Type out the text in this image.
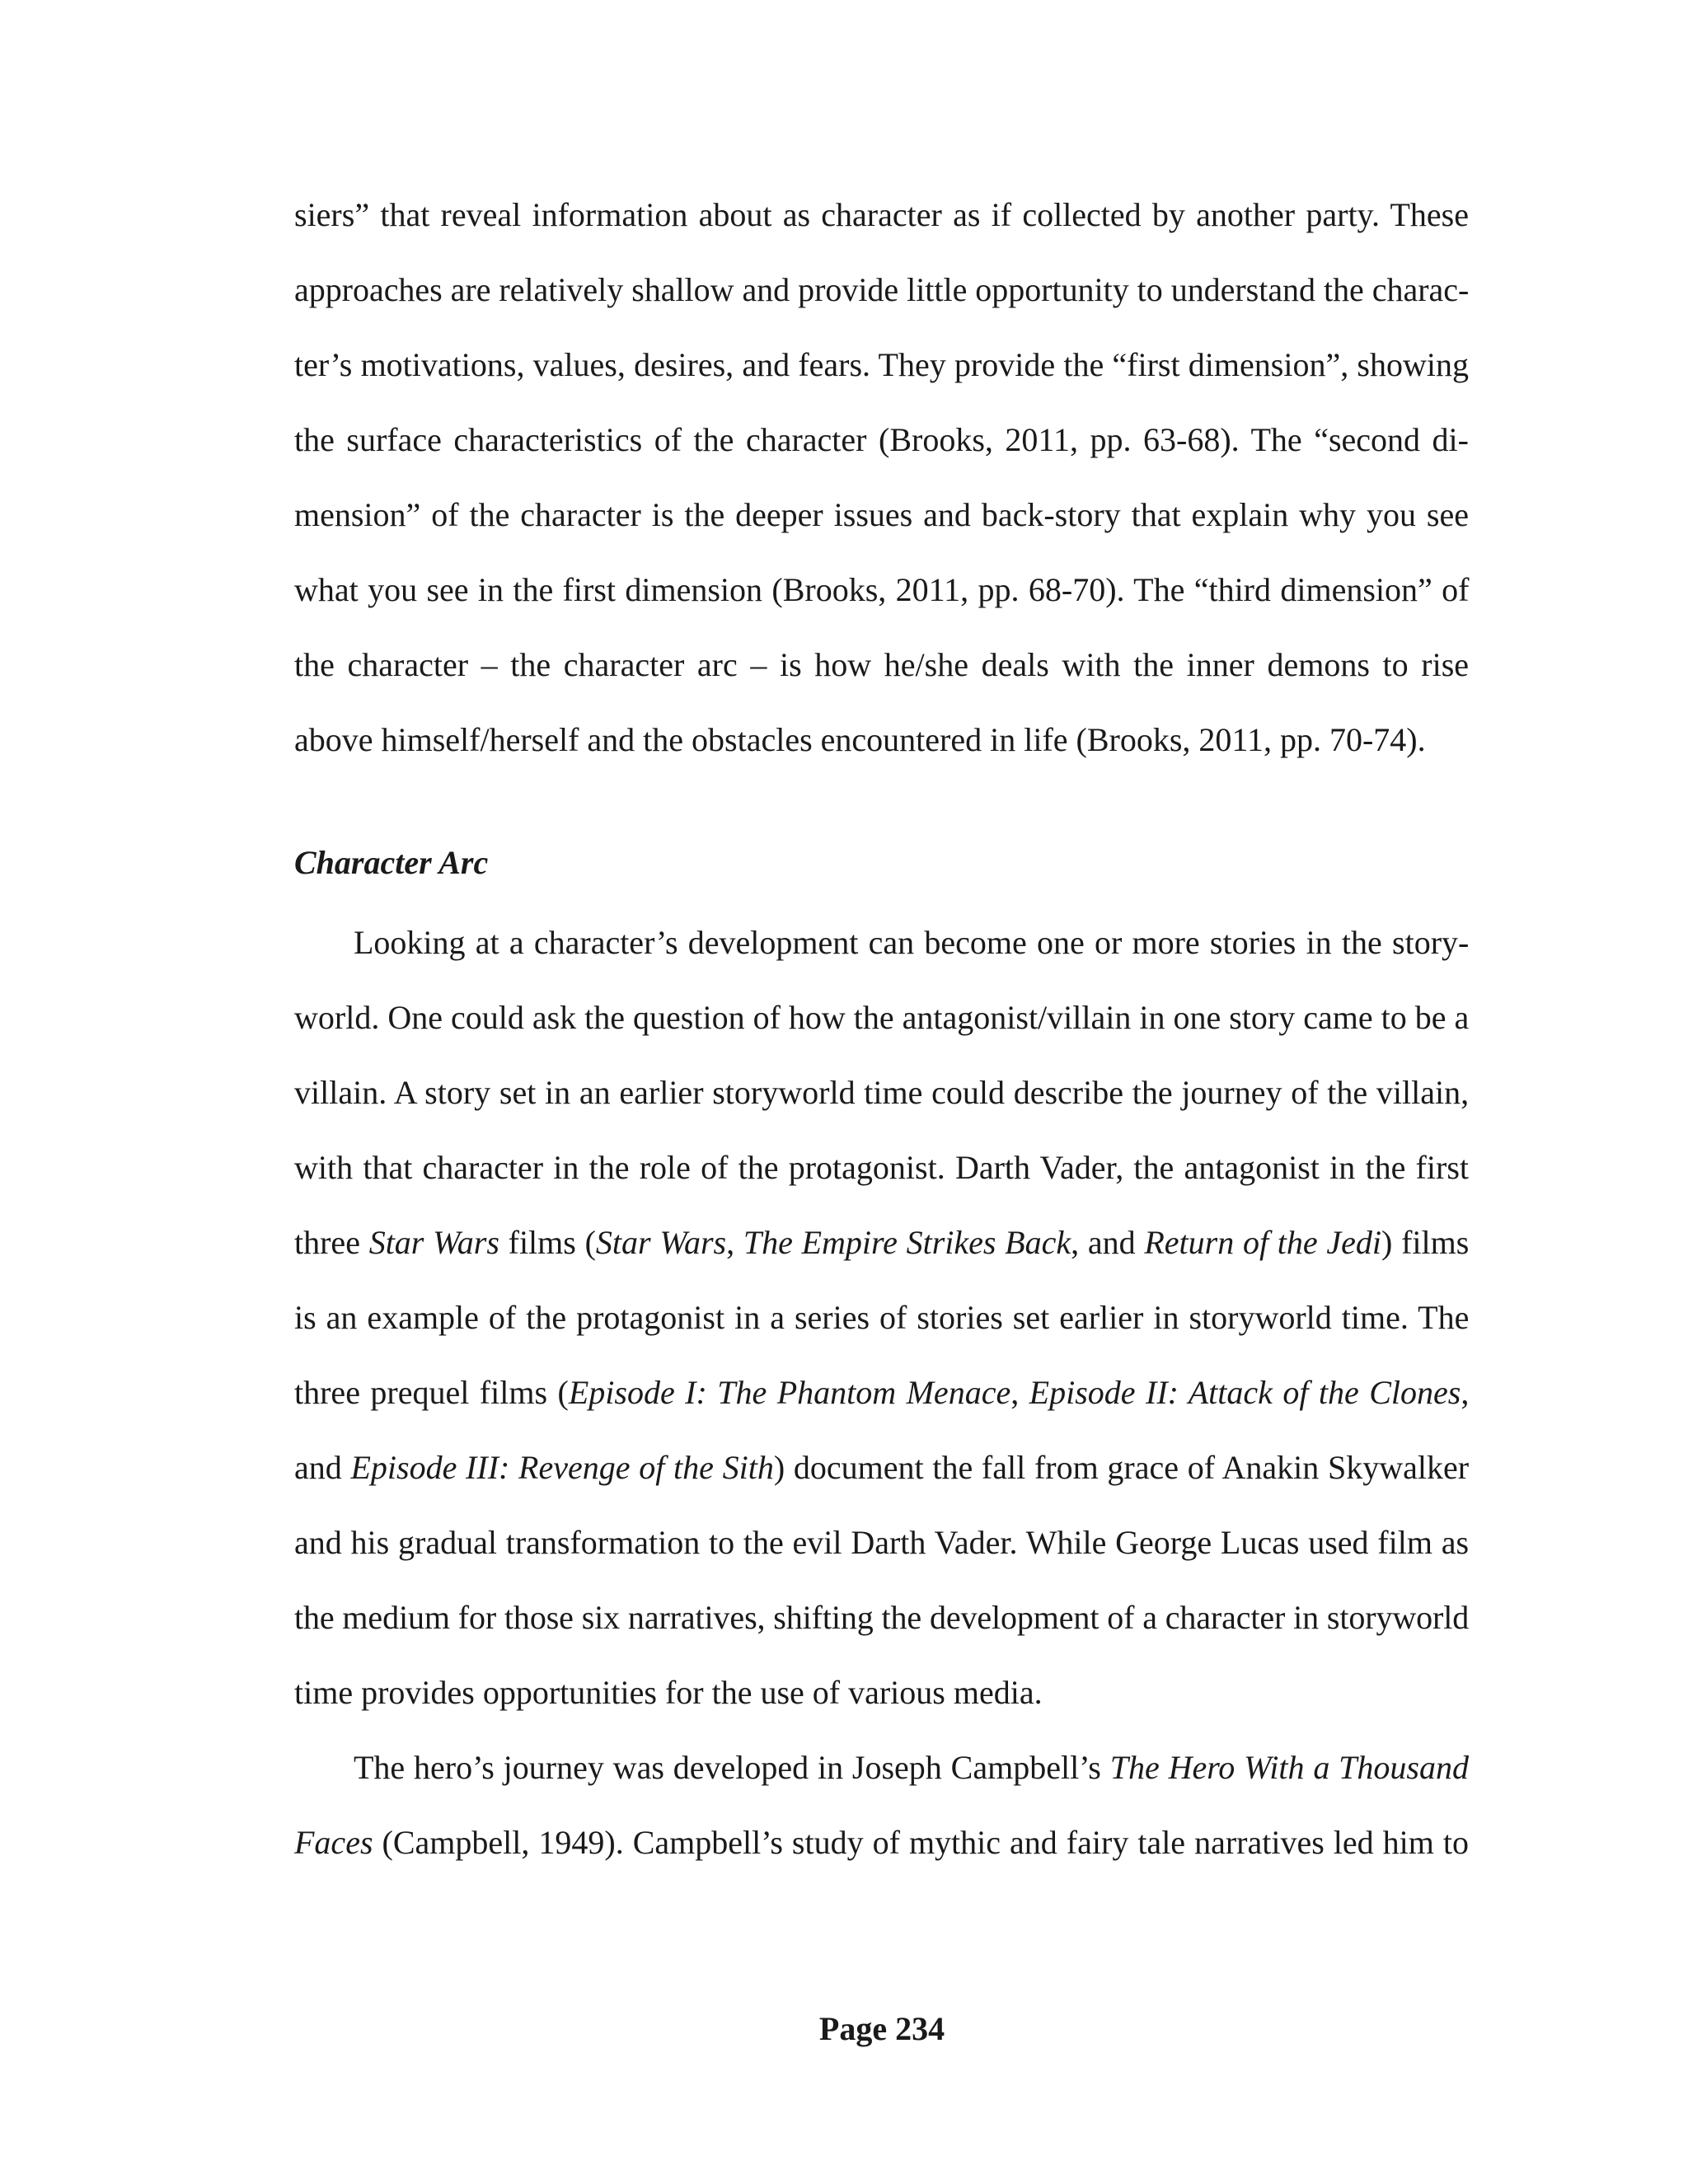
siers” that reveal information about as character as if collected by another party. These
approaches are relatively shallow and provide little opportunity to understand the charac-
ter’s motivations, values, desires, and fears. They provide the “first dimension”, showing
the surface characteristics of the character (Brooks, 2011, pp. 63-68). The “second di-
mension” of the character is the deeper issues and back-story that explain why you see
what you see in the first dimension (Brooks, 2011, pp. 68-70). The “third dimension” of
the character – the character arc – is how he/she deals with the inner demons to rise
above himself/herself and the obstacles encountered in life (Brooks, 2011, pp. 70-74).
Character Arc
Looking at a character’s development can become one or more stories in the story-
world. One could ask the question of how the antagonist/villain in one story came to be a
villain. A story set in an earlier storyworld time could describe the journey of the villain,
with that character in the role of the protagonist. Darth Vader, the antagonist in the first
three Star Wars films (Star Wars, The Empire Strikes Back, and Return of the Jedi) films
is an example of the protagonist in a series of stories set earlier in storyworld time. The
three prequel films (Episode I: The Phantom Menace, Episode II: Attack of the Clones,
and Episode III: Revenge of the Sith) document the fall from grace of Anakin Skywalker
and his gradual transformation to the evil Darth Vader. While George Lucas used film as
the medium for those six narratives, shifting the development of a character in storyworld
time provides opportunities for the use of various media.
The hero’s journey was developed in Joseph Campbell’s The Hero With a Thousand
Faces (Campbell, 1949). Campbell’s study of mythic and fairy tale narratives led him to
Page 234
